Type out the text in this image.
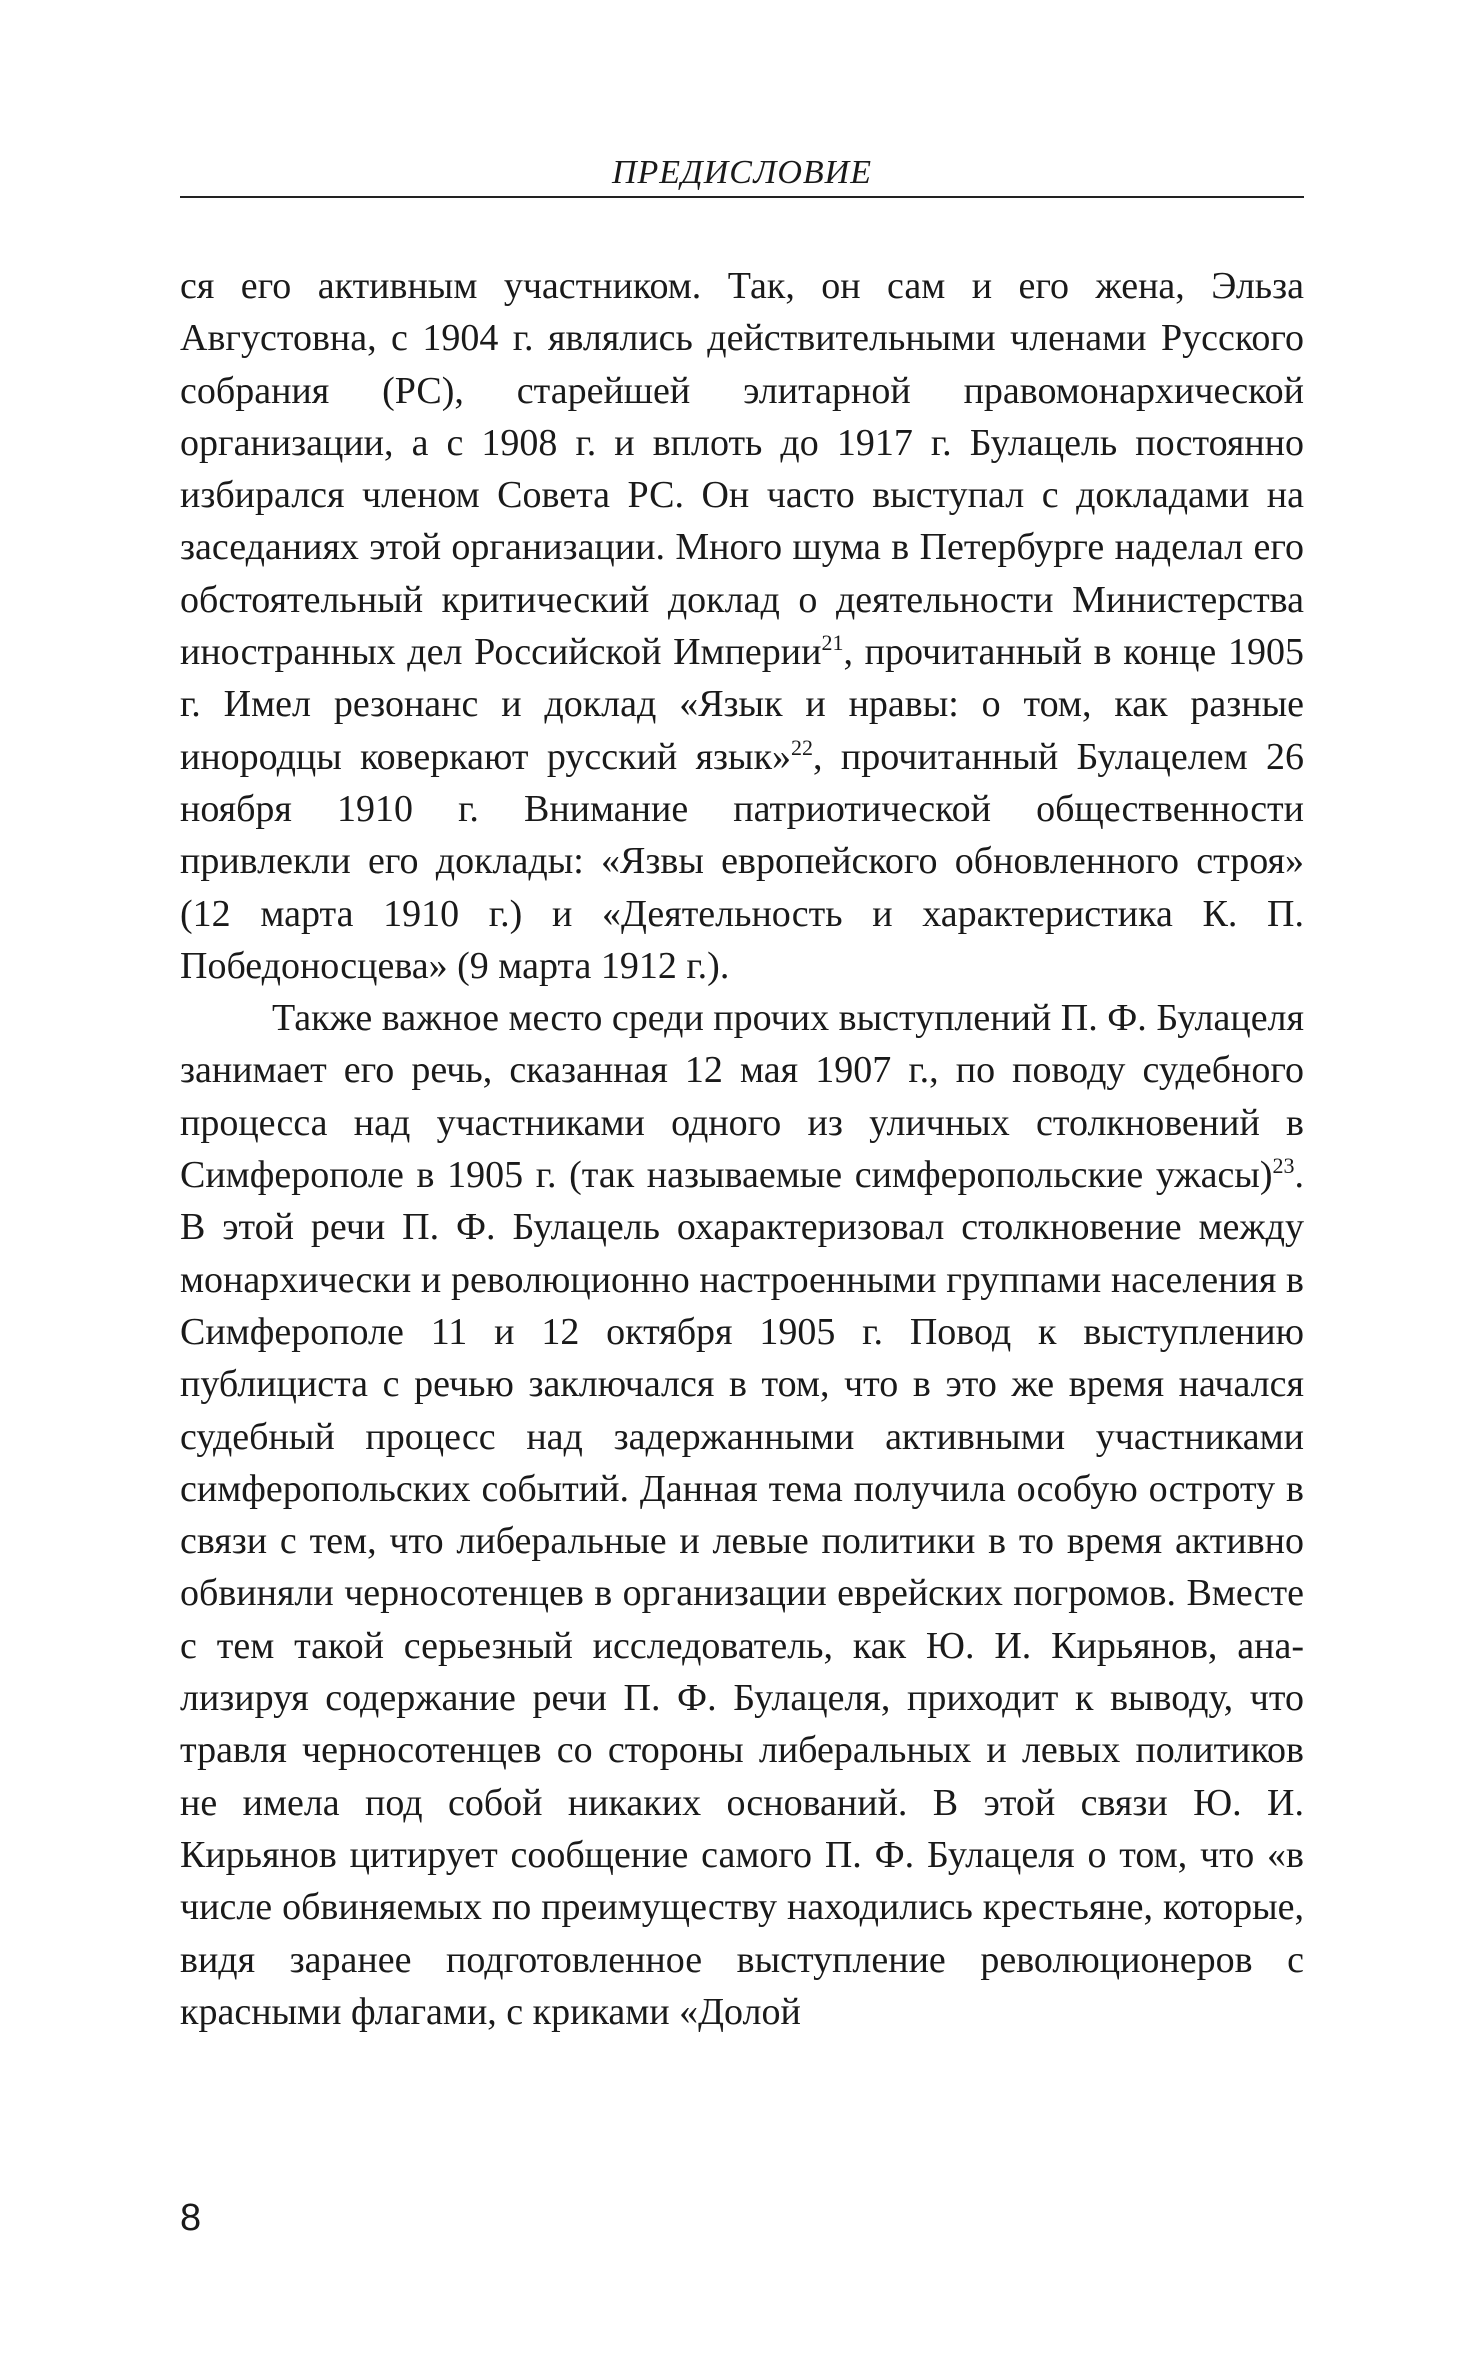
ПРЕДИСЛОВИЕ

ся его активным участником. Так, он сам и его жена, Эльза Августовна, с 1904 г. являлись действительными членами Русского собрания (РС), старейшей элитарной правомонархической организации, а с 1908 г. и вплоть до 1917 г. Булацель постоянно избирался членом Совета РС. Он часто выступал с докладами на заседаниях этой организации. Много шума в Петербурге наделал его обстоятельный критический доклад о деятельности Министерства иностранных дел Российской Империи$^{21}$, прочитанный в конце 1905 г. Имел резонанс и доклад «Язык и нравы: о том, как разные инородцы коверкают русский язык»$^{22}$, прочитанный Булацелем 26 ноября 1910 г. Внимание патриотической общественности привлекли его доклады: «Язвы европейского обновленного строя» (12 марта 1910 г.) и «Деятельность и характеристика К. П. Победоносцева» (9 марта 1912 г.).

Также важное место среди прочих выступлений П. Ф. Булацеля занимает его речь, сказанная 12 мая 1907 г., по поводу судебного процесса над участниками одного из уличных столкновений в Симферополе в 1905 г. (так называемые симферопольские ужасы)$^{23}$. В этой речи П. Ф. Булацель охарактеризовал столкновение между монархически и революционно настроенными группами населения в Симферополе 11 и 12 октября 1905 г. Повод к выступлению публициста с речью заключался в том, что в это же время начался судебный процесс над задержанными активными участниками симферопольских событий. Данная тема получила особую остроту в связи с тем, что либеральные и левые политики в то время активно обвиняли черносотенцев в организации еврейских погромов. Вместе с тем такой серьезный исследователь, как Ю. И. Кирьянов, анализируя содержание речи П. Ф. Булацеля, приходит к выводу, что травля черносотенцев со стороны либеральных и левых политиков не имела под собой никаких оснований. В этой связи Ю. И. Кирьянов цитирует сообщение самого П. Ф. Булацеля о том, что «в числе обвиняемых по преимуществу находились крестьяне, которые, видя заранее подготовленное выступление революционеров с красными флагами, с криками «Долой

8
